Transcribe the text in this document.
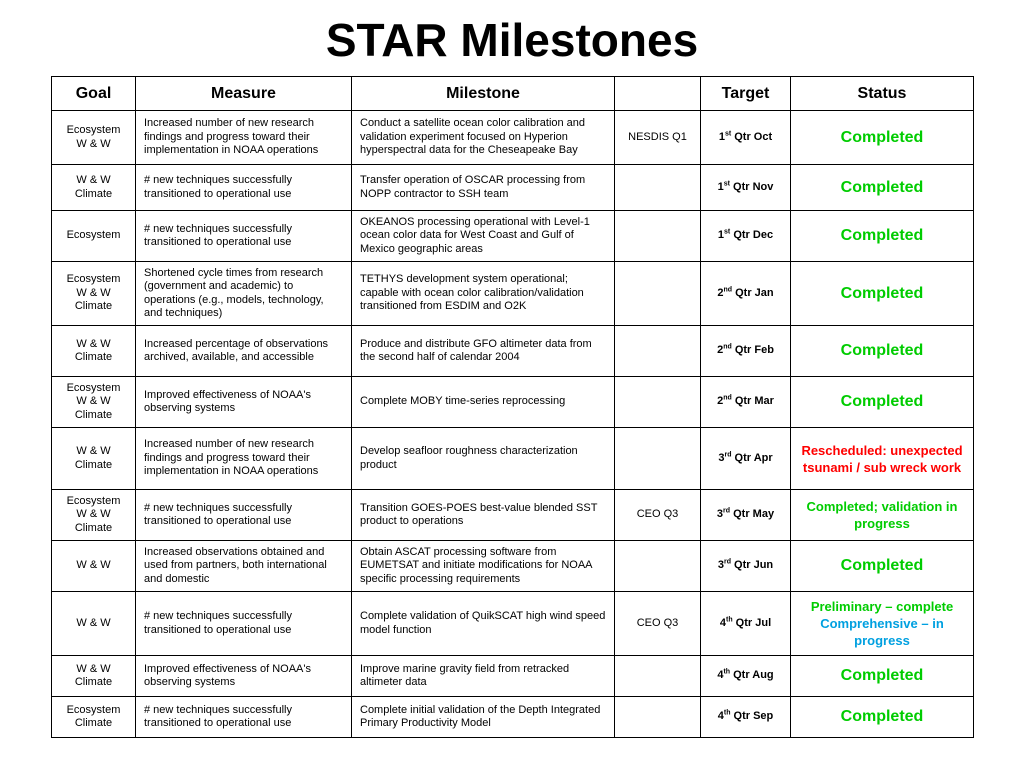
STAR Milestones
Goal	Measure	Milestone		Target	Status

Ecosystem
W & W	Increased number of new research findings and progress toward their implementation in NOAA operations	Conduct a satellite ocean color calibration and validation experiment focused on Hyperion hyperspectral data for the Cheseapeake Bay	NESDIS Q1	1st Qtr Oct	Completed

W & W
Climate	# new techniques successfully transitioned to operational use	Transfer operation of OSCAR processing from NOPP contractor to SSH team		1st Qtr Nov	Completed

Ecosystem	# new techniques successfully transitioned to operational use	OKEANOS processing operational with Level-1 ocean color data for West Coast and Gulf of Mexico geographic areas		1st Qtr Dec	Completed

Ecosystem
W & W
Climate	Shortened cycle times from research (government and academic) to operations (e.g., models, technology, and techniques)	TETHYS development system operational; capable with ocean color calibration/validation transitioned from ESDIM and O2K		2nd Qtr Jan	Completed

W & W
Climate	Increased percentage of observations archived, available, and accessible	Produce and distribute GFO altimeter data from the second half of calendar 2004		2nd Qtr Feb	Completed

Ecosystem
W & W
Climate	Improved effectiveness of NOAA's observing systems	Complete MOBY time-series reprocessing		2nd Qtr Mar	Completed

W & W
Climate	Increased number of new research findings and progress toward their implementation in NOAA operations	Develop seafloor roughness characterization product		3rd Qtr Apr	Rescheduled: unexpected tsunami / sub wreck work

Ecosystem
W & W
Climate	# new techniques successfully transitioned to operational use	Transition GOES-POES best-value blended SST product to operations	CEO Q3	3rd Qtr May	Completed; validation in progress

W & W	Increased observations obtained and used from partners, both international and domestic	Obtain ASCAT processing software from EUMETSAT and initiate modifications for NOAA specific processing requirements		3rd Qtr Jun	Completed

W & W	# new techniques successfully transitioned to operational use	Complete validation of QuikSCAT high wind speed model function	CEO Q3	4th Qtr Jul	Preliminary – complete
Comprehensive – in progress

W & W
Climate	Improved effectiveness of NOAA's observing systems	Improve marine gravity field from retracked altimeter data		4th Qtr Aug	Completed

Ecosystem
Climate	# new techniques successfully transitioned to operational use	Complete initial validation of the Depth Integrated Primary Productivity Model		4th Qtr Sep	Completed
